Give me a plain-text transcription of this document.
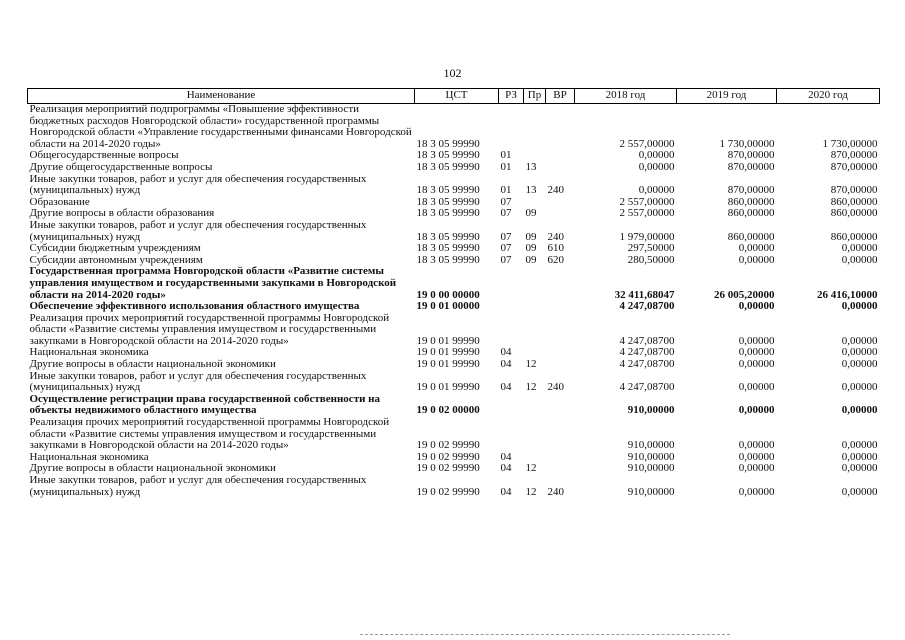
102
Наименование	ЦСТ	РЗ	Пр	ВР	2018 год	2019 год	2020 год
Реализация мероприятий подпрограммы «Повышение эффективности бюджетных расходов Новгородской области» государственной программы Новгородской области «Управление государственными финансами Новгородской области на 2014-2020 годы»	18 3 05 99990				2 557,00000	1 730,00000	1 730,00000
Общегосударственные вопросы	18 3 05 99990	01			0,00000	870,00000	870,00000
Другие общегосударственные вопросы	18 3 05 99990	01	13		0,00000	870,00000	870,00000
Иные закупки товаров, работ и услуг для обеспечения государственных (муниципальных) нужд	18 3 05 99990	01	13	240	0,00000	870,00000	870,00000
Образование	18 3 05 99990	07			2 557,00000	860,00000	860,00000
Другие вопросы в области образования	18 3 05 99990	07	09		2 557,00000	860,00000	860,00000
Иные закупки товаров, работ и услуг для обеспечения государственных (муниципальных) нужд	18 3 05 99990	07	09	240	1 979,00000	860,00000	860,00000
Субсидии бюджетным учреждениям	18 3 05 99990	07	09	610	297,50000	0,00000	0,00000
Субсидии автономным учреждениям	18 3 05 99990	07	09	620	280,50000	0,00000	0,00000
Государственная программа Новгородской области «Развитие системы управления имуществом и государственными закупками в Новгородской области на 2014-2020 годы»	19 0 00 00000				32 411,68047	26 005,20000	26 416,10000
Обеспечение эффективного использования областного имущества	19 0 01 00000				4 247,08700	0,00000	0,00000
Реализация прочих мероприятий государственной программы Новгородской области «Развитие системы управления имуществом и государственными закупками в Новгородской области на 2014-2020 годы»	19 0 01 99990				4 247,08700	0,00000	0,00000
Национальная экономика	19 0 01 99990	04			4 247,08700	0,00000	0,00000
Другие вопросы в области национальной экономики	19 0 01 99990	04	12		4 247,08700	0,00000	0,00000
Иные закупки товаров, работ и услуг для обеспечения государственных (муниципальных) нужд	19 0 01 99990	04	12	240	4 247,08700	0,00000	0,00000
Осуществление регистрации права государственной собственности на объекты недвижимого областного имущества	19 0 02 00000				910,00000	0,00000	0,00000
Реализация прочих мероприятий государственной программы Новгородской области «Развитие системы управления имуществом и государственными закупками в Новгородской области на 2014-2020 годы»	19 0 02 99990				910,00000	0,00000	0,00000
Национальная экономика	19 0 02 99990	04			910,00000	0,00000	0,00000
Другие вопросы в области национальной экономики	19 0 02 99990	04	12		910,00000	0,00000	0,00000
Иные закупки товаров, работ и услуг для обеспечения государственных (муниципальных) нужд	19 0 02 99990	04	12	240	910,00000	0,00000	0,00000
